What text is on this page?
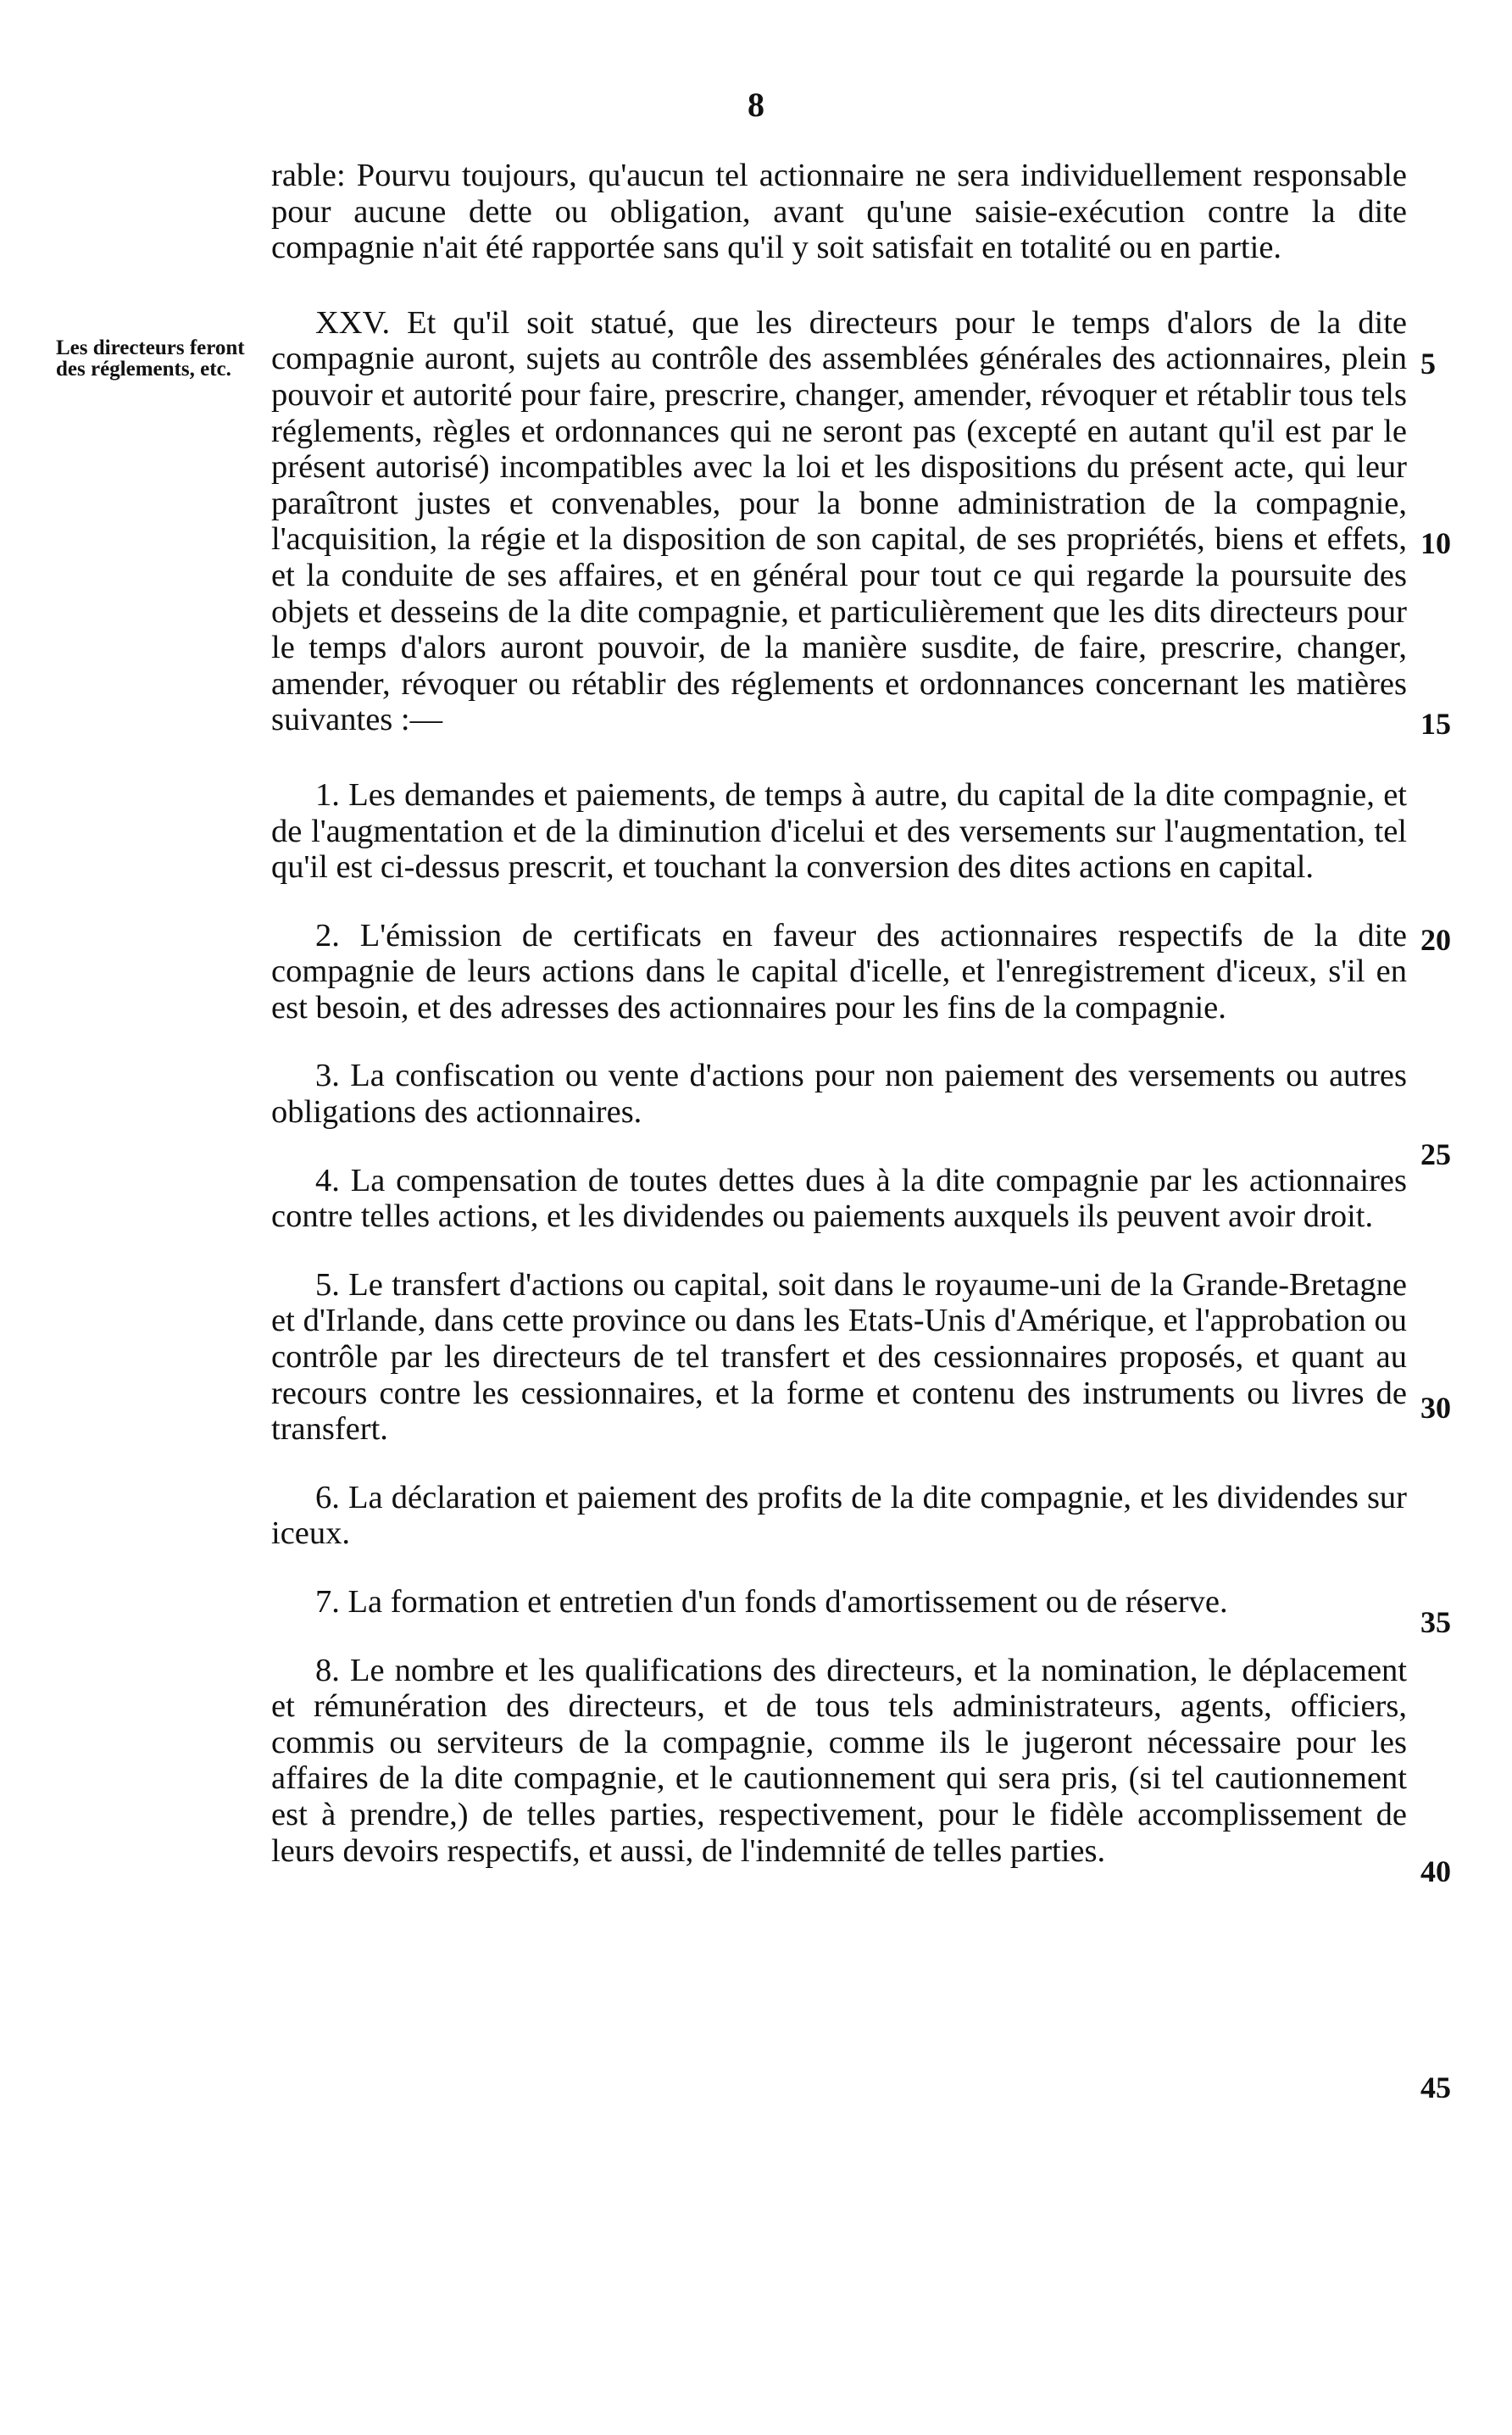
8
Les directeurs feront des réglements, etc.	5
10
15
20
25
30
35
40
45

rable: Pourvu toujours, qu'aucun tel actionnaire ne sera individuellement responsable pour aucune dette ou obligation, avant qu'une saisie-exécution contre la dite compagnie n'ait été rapportée sans qu'il y soit satisfait en totalité ou en partie.

XXV. Et qu'il soit statué, que les directeurs pour le temps d'alors de la dite compagnie auront, sujets au contrôle des assemblées générales des actionnaires, plein pouvoir et autorité pour faire, prescrire, changer, amender, révoquer et rétablir tous tels réglements, règles et ordonnances qui ne seront pas (excepté en autant qu'il est par le présent autorisé) incompatibles avec la loi et les dispositions du présent acte, qui leur paraîtront justes et convenables, pour la bonne administration de la compagnie, l'acquisition, la régie et la disposition de son capital, de ses propriétés, biens et effets, et la conduite de ses affaires, et en général pour tout ce qui regarde la poursuite des objets et desseins de la dite compagnie, et particulièrement que les dits directeurs pour le temps d'alors auront pouvoir, de la manière susdite, de faire, prescrire, changer, amender, révoquer ou rétablir des réglements et ordonnances concernant les matières suivantes :—

1. Les demandes et paiements, de temps à autre, du capital de la dite compagnie, et de l'augmentation et de la diminution d'icelui et des versements sur l'augmentation, tel qu'il est ci-dessus prescrit, et touchant la conversion des dites actions en capital.

2. L'émission de certificats en faveur des actionnaires respectifs de la dite compagnie de leurs actions dans le capital d'icelle, et l'enregistrement d'iceux, s'il en est besoin, et des adresses des actionnaires pour les fins de la compagnie.

3. La confiscation ou vente d'actions pour non paiement des versements ou autres obligations des actionnaires.

4. La compensation de toutes dettes dues à la dite compagnie par les actionnaires contre telles actions, et les dividendes ou paiements auxquels ils peuvent avoir droit.

5. Le transfert d'actions ou capital, soit dans le royaume-uni de la Grande-Bretagne et d'Irlande, dans cette province ou dans les Etats-Unis d'Amérique, et l'approbation ou contrôle par les directeurs de tel transfert et des cessionnaires proposés, et quant au recours contre les cessionnaires, et la forme et contenu des instruments ou livres de transfert.

6. La déclaration et paiement des profits de la dite compagnie, et les dividendes sur iceux.

7. La formation et entretien d'un fonds d'amortissement ou de réserve.

8. Le nombre et les qualifications des directeurs, et la nomination, le déplacement et rémunération des directeurs, et de tous tels administrateurs, agents, officiers, commis ou serviteurs de la compagnie, comme ils le jugeront nécessaire pour les affaires de la dite compagnie, et le cautionnement qui sera pris, (si tel cautionnement est à prendre,) de telles parties, respectivement, pour le fidèle accomplissement de leurs devoirs respectifs, et aussi, de l'indemnité de telles parties.
